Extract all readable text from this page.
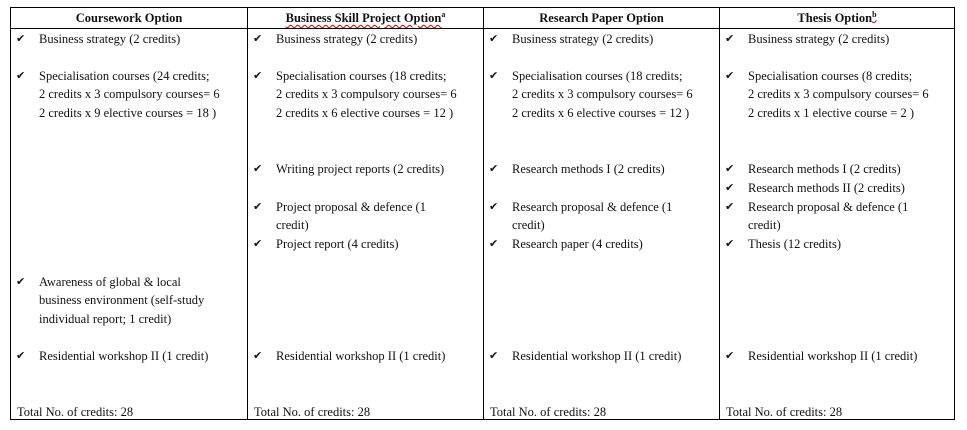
Coursework Option
✔ Business strategy (2 credits)
✔ Specialisation courses (24 credits;
2 credits x 3 compulsory courses= 6
2 credits x 9 elective courses = 18 )
✔ Awareness of global & local
business environment (self-study
individual report; 1 credit)
✔ Residential workshop II (1 credit)
Total No. of credits: 28
Business Skill Project Option$^a$
✔ Business strategy (2 credits)
✔ Specialisation courses (18 credits;
2 credits x 3 compulsory courses= 6
2 credits x 6 elective courses = 12 )
✔ Writing project reports (2 credits)
✔ Project proposal & defence (1
credit)
✔ Project report (4 credits)
✔ Residential workshop II (1 credit)
Total No. of credits: 28
Research Paper Option
✔ Business strategy (2 credits)
✔ Specialisation courses (18 credits;
2 credits x 3 compulsory courses= 6
2 credits x 6 elective courses = 12 )
✔ Research methods I (2 credits)
✔ Research proposal & defence (1
credit)
✔ Research paper (4 credits)
✔ Residential workshop II (1 credit)
Total No. of credits: 28
Thesis Option$^b$
✔ Business strategy (2 credits)
✔ Specialisation courses (8 credits;
2 credits x 3 compulsory courses= 6
2 credits x 1 elective course = 2 )
✔ Research methods I (2 credits)
✔ Research methods II (2 credits)
✔ Research proposal & defence (1
credit)
✔ Thesis (12 credits)
✔ Residential workshop II (1 credit)
Total No. of credits: 28
